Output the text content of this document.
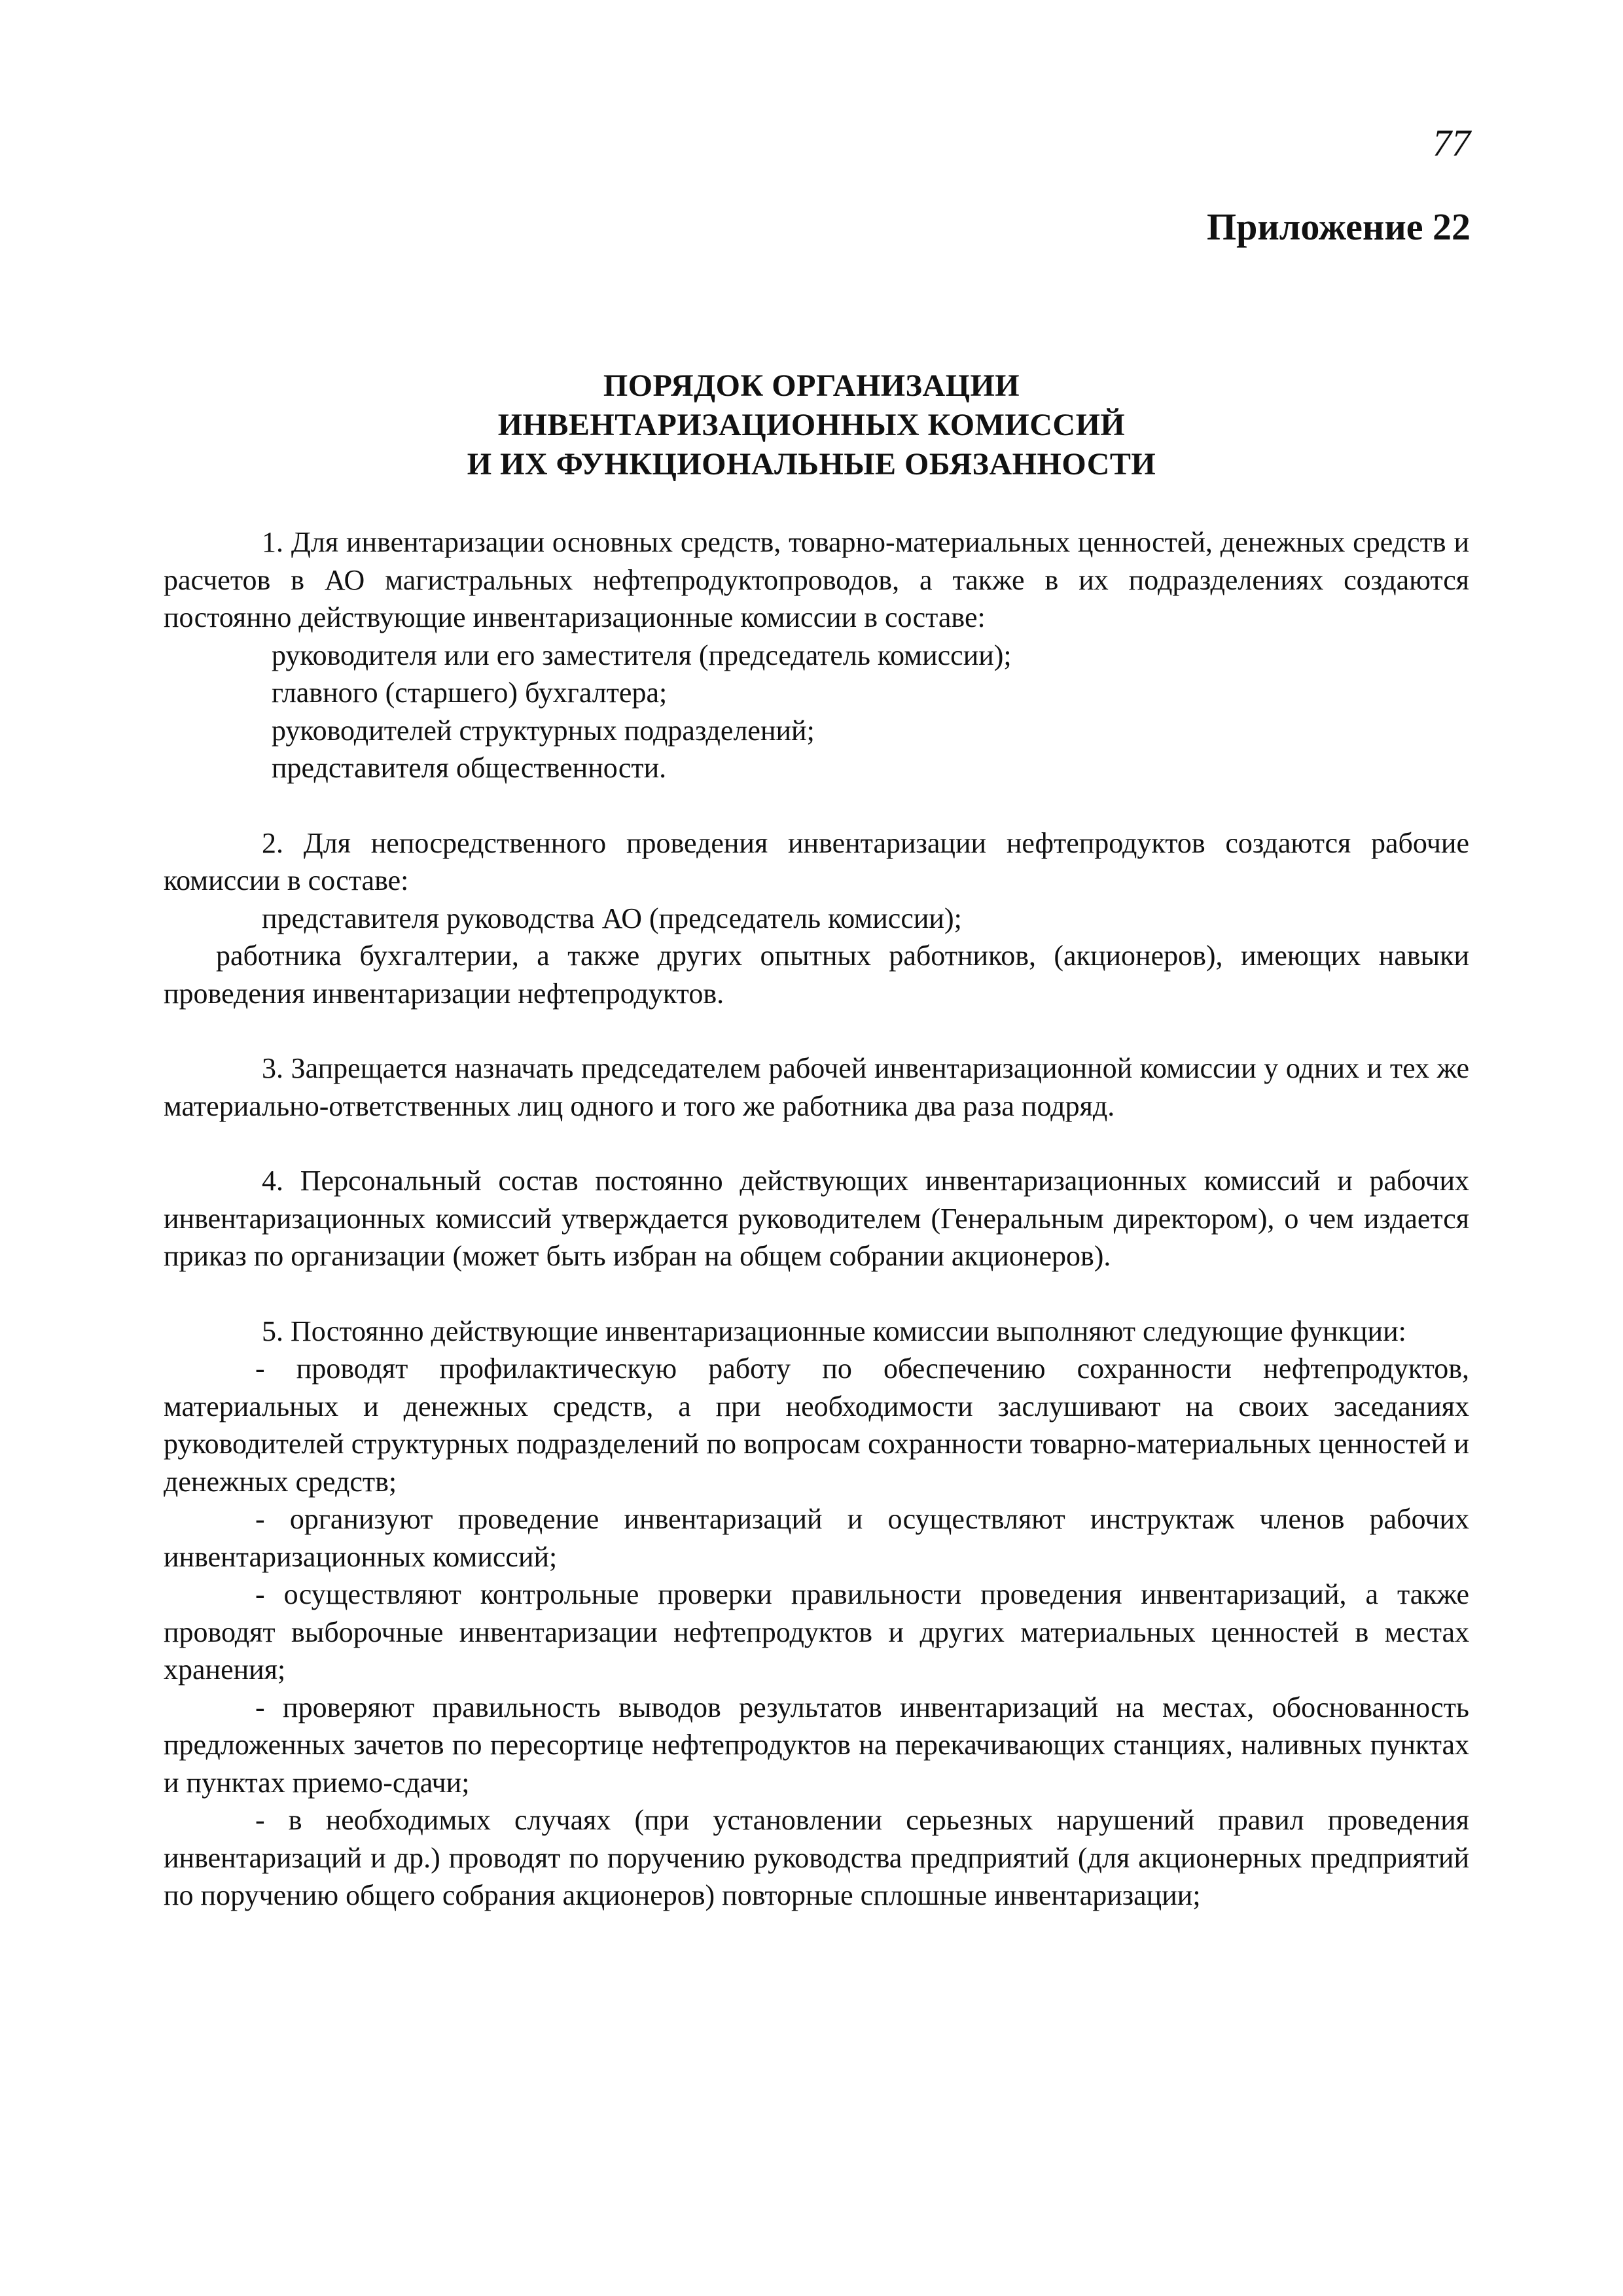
77
Приложение 22
ПОРЯДОК ОРГАНИЗАЦИИ
ИНВЕНТАРИЗАЦИОННЫХ КОМИССИЙ
И ИХ ФУНКЦИОНАЛЬНЫЕ ОБЯЗАННОСТИ

1. Для инвентаризации основных средств, товарно-материальных ценностей, денежных средств и расчетов в АО магистральных нефтепродуктопроводов, а также в их подразделениях создаются постоянно действующие инвентаризационные комиссии в составе:

руководителя или его заместителя (председатель комиссии);

главного (старшего) бухгалтера;

руководителей структурных подразделений;

представителя общественности.

2. Для непосредственного проведения инвентаризации нефтепродуктов создаются рабочие комиссии в составе:

представителя руководства АО (председатель комиссии);

работника бухгалтерии, а также других опытных работников, (акционеров), имеющих навыки проведения инвентаризации нефтепродуктов.

3. Запрещается назначать председателем рабочей инвентаризационной комиссии у одних и тех же материально-ответственных лиц одного и того же работника два раза подряд.

4. Персональный состав постоянно действующих инвентаризационных комиссий и рабочих инвентаризационных комиссий утверждается руководителем (Генеральным директором), о чем издается приказ по организации (может быть избран на общем собрании акционеров).

5. Постоянно действующие инвентаризационные комиссии выполняют следующие функции:

- проводят профилактическую работу по обеспечению сохранности нефтепродуктов, материальных и денежных средств, а при необходимости заслушивают на своих заседаниях руководителей структурных подразделений по вопросам сохранности товарно-материальных ценностей и денежных средств;

- организуют проведение инвентаризаций и осуществляют инструктаж членов рабочих инвентаризационных комиссий;

- осуществляют контрольные проверки правильности проведения инвентаризаций, а также проводят выборочные инвентаризации нефтепродуктов и других материальных ценностей в местах хранения;

- проверяют правильность выводов результатов инвентаризаций на местах, обоснованность предложенных зачетов по пересортице нефтепродуктов на перекачивающих станциях, наливных пунктах и пунктах приемо-сдачи;

- в необходимых случаях (при установлении серьезных нарушений правил проведения инвентаризаций и др.) проводят по поручению руководства предприятий (для акционерных предприятий по поручению общего собрания акционеров) повторные сплошные инвентаризации;
